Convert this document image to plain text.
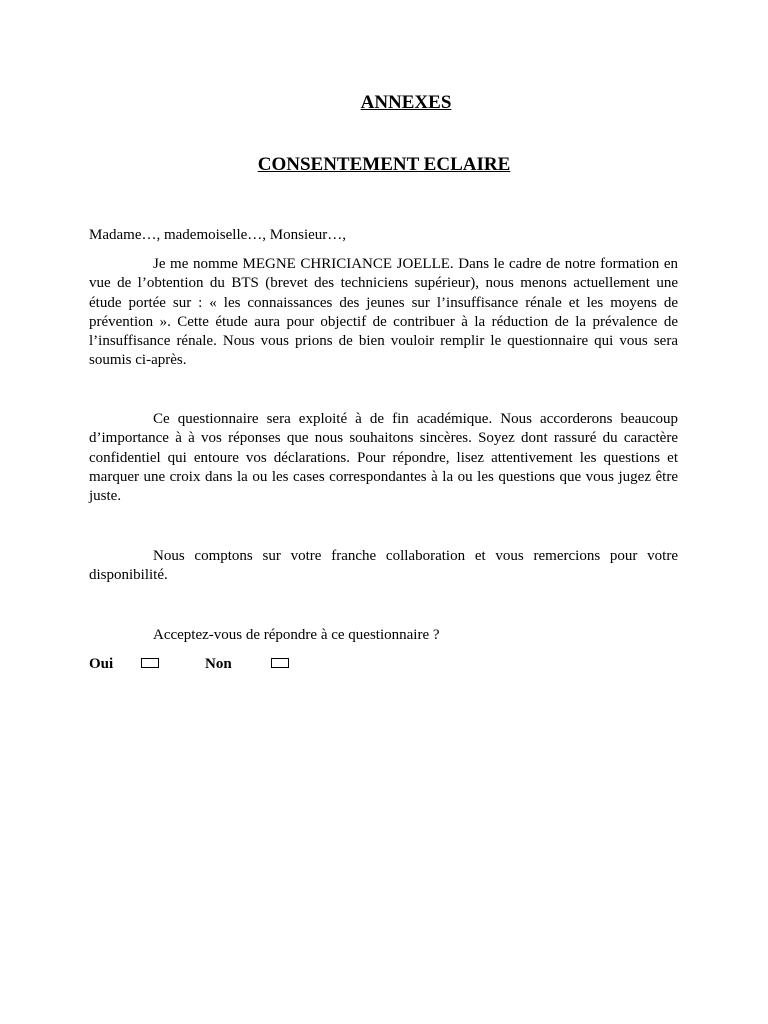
ANNEXES
CONSENTEMENT ECLAIRE

Madame…, mademoiselle…, Monsieur…,

Je me nomme MEGNE CHRICIANCE JOELLE. Dans le cadre de notre formation en vue de l’obtention du BTS (brevet des techniciens supérieur), nous menons actuellement une étude portée sur : « les connaissances des jeunes sur l’insuffisance rénale et les moyens de prévention ». Cette étude aura pour objectif de contribuer à la réduction de la prévalence de l’insuffisance rénale. Nous vous prions de bien vouloir remplir le questionnaire qui vous sera soumis ci-après.

Ce questionnaire sera exploité à de fin académique. Nous accorderons beaucoup d’importance à à vos réponses que nous souhaitons sincères. Soyez dont rassuré du caractère confidentiel qui entoure vos déclarations. Pour répondre, lisez attentivement les questions et marquer une croix dans la ou les cases correspondantes à la ou les questions que vous jugez être juste.

Nous comptons sur votre franche collaboration et vous remercions pour votre disponibilité.

Acceptez-vous de répondre à ce questionnaire ?

Oui	Non
